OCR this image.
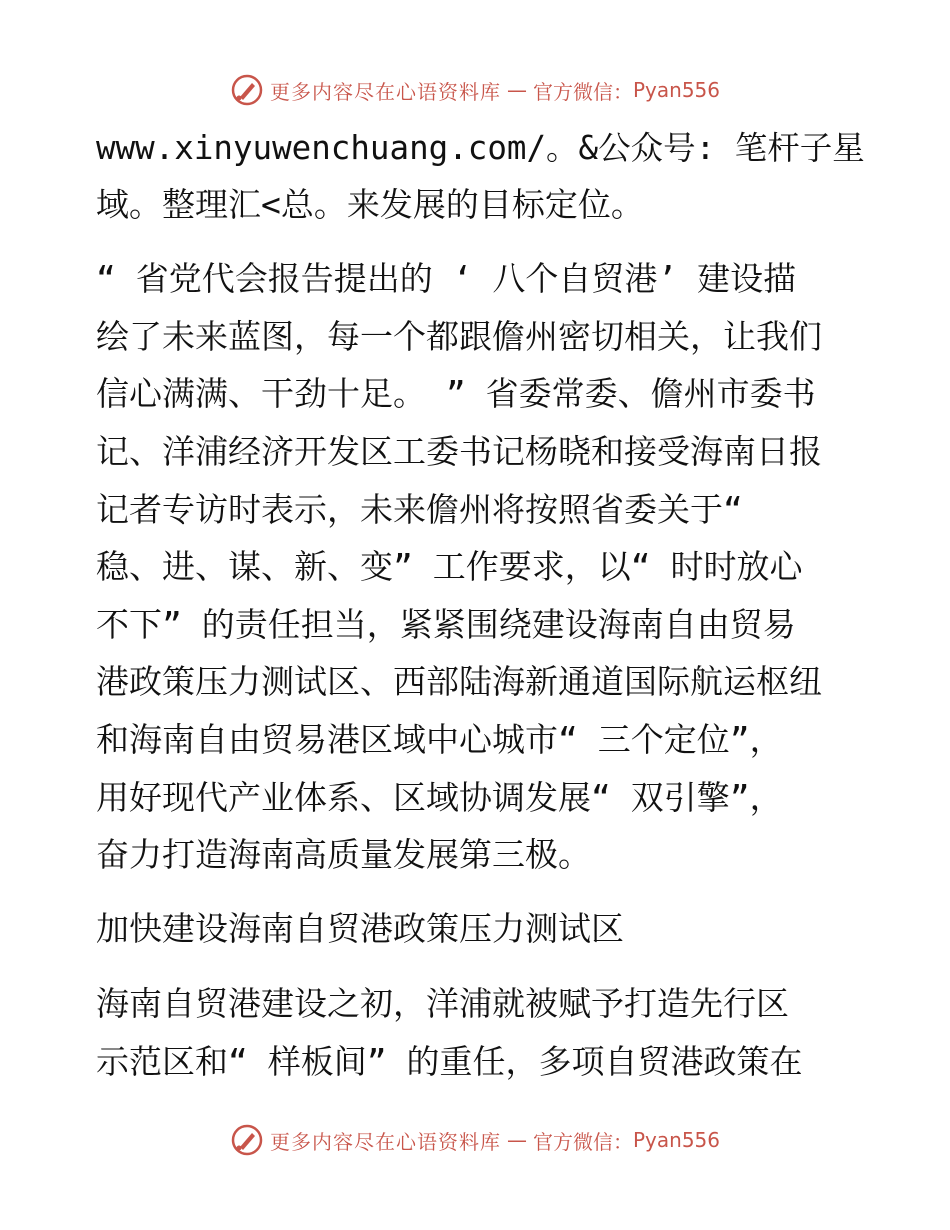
更多内容尽在心语资料库 — 官方微信： Pyan556
www.xinyuwenchuang.com/。&公众号: 笔杆子星
域。整理汇<总。来发展的目标定位。
“ 省党代会报告提出的 ‘ 八个自贸港’ 建设描
绘了未来蓝图，每一个都跟儋州密切相关，让我们
信心满满、干劲十足。 ” 省委常委、儋州市委书
记、洋浦经济开发区工委书记杨晓和接受海南日报
记者专访时表示，未来儋州将按照省委关于“
稳、进、谋、新、变” 工作要求，以“ 时时放心
不下” 的责任担当，紧紧围绕建设海南自由贸易
港政策压力测试区、西部陆海新通道国际航运枢纽
和海南自由贸易港区域中心城市“ 三个定位”，
用好现代产业体系、区域协调发展“ 双引擎”，
奋力打造海南高质量发展第三极。
加快建设海南自贸港政策压力测试区
海南自贸港建设之初，洋浦就被赋予打造先行区
示范区和“ 样板间” 的重任，多项自贸港政策在
更多内容尽在心语资料库 — 官方微信： Pyan556
